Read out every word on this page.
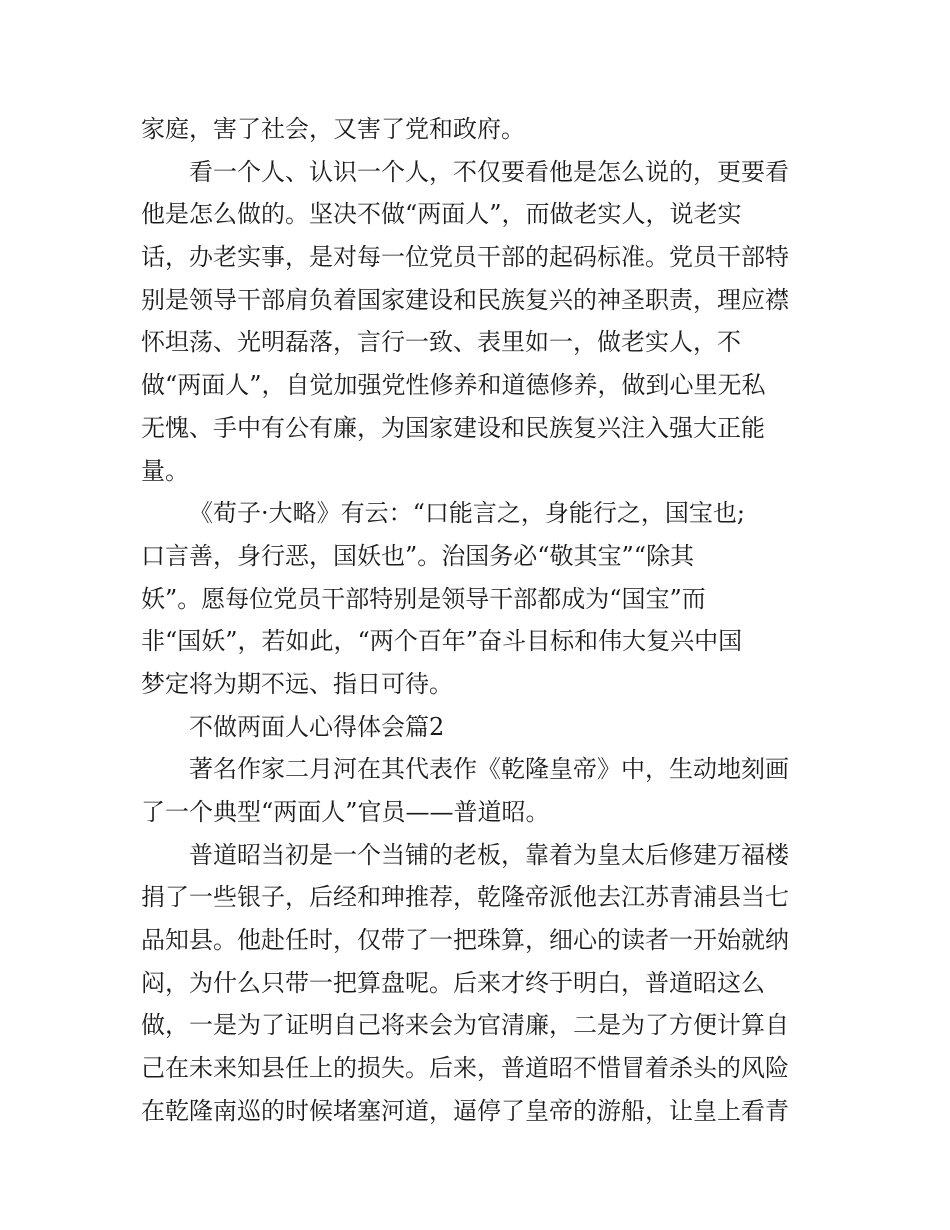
家庭，害了社会，又害了党和政府。
看一个人、认识一个人，不仅要看他是怎么说的，更要看
他是怎么做的。坚决不做“两面人”，而做老实人，说老实
话，办老实事，是对每一位党员干部的起码标准。党员干部特
别是领导干部肩负着国家建设和民族复兴的神圣职责，理应襟
怀坦荡、光明磊落，言行一致、表里如一，做老实人，不
做“两面人”，自觉加强党性修养和道德修养，做到心里无私
无愧、手中有公有廉，为国家建设和民族复兴注入强大正能
量。
《荀子·大略》有云：“口能言之，身能行之，国宝也;
口言善，身行恶，国妖也”。治国务必“敬其宝”“除其
妖”。愿每位党员干部特别是领导干部都成为“国宝”而
非“国妖”，若如此，“两个百年”奋斗目标和伟大复兴中国
梦定将为期不远、指日可待。
不做两面人心得体会篇2
著名作家二月河在其代表作《乾隆皇帝》中，生动地刻画
了一个典型“两面人”官员——普道昭。
普道昭当初是一个当铺的老板，靠着为皇太后修建万福楼
捐了一些银子，后经和珅推荐，乾隆帝派他去江苏青浦县当七
品知县。他赴任时，仅带了一把珠算，细心的读者一开始就纳
闷，为什么只带一把算盘呢。后来才终于明白，普道昭这么
做，一是为了证明自己将来会为官清廉，二是为了方便计算自
己在未来知县任上的损失。后来，普道昭不惜冒着杀头的风险
在乾隆南巡的时候堵塞河道，逼停了皇帝的游船，让皇上看青
